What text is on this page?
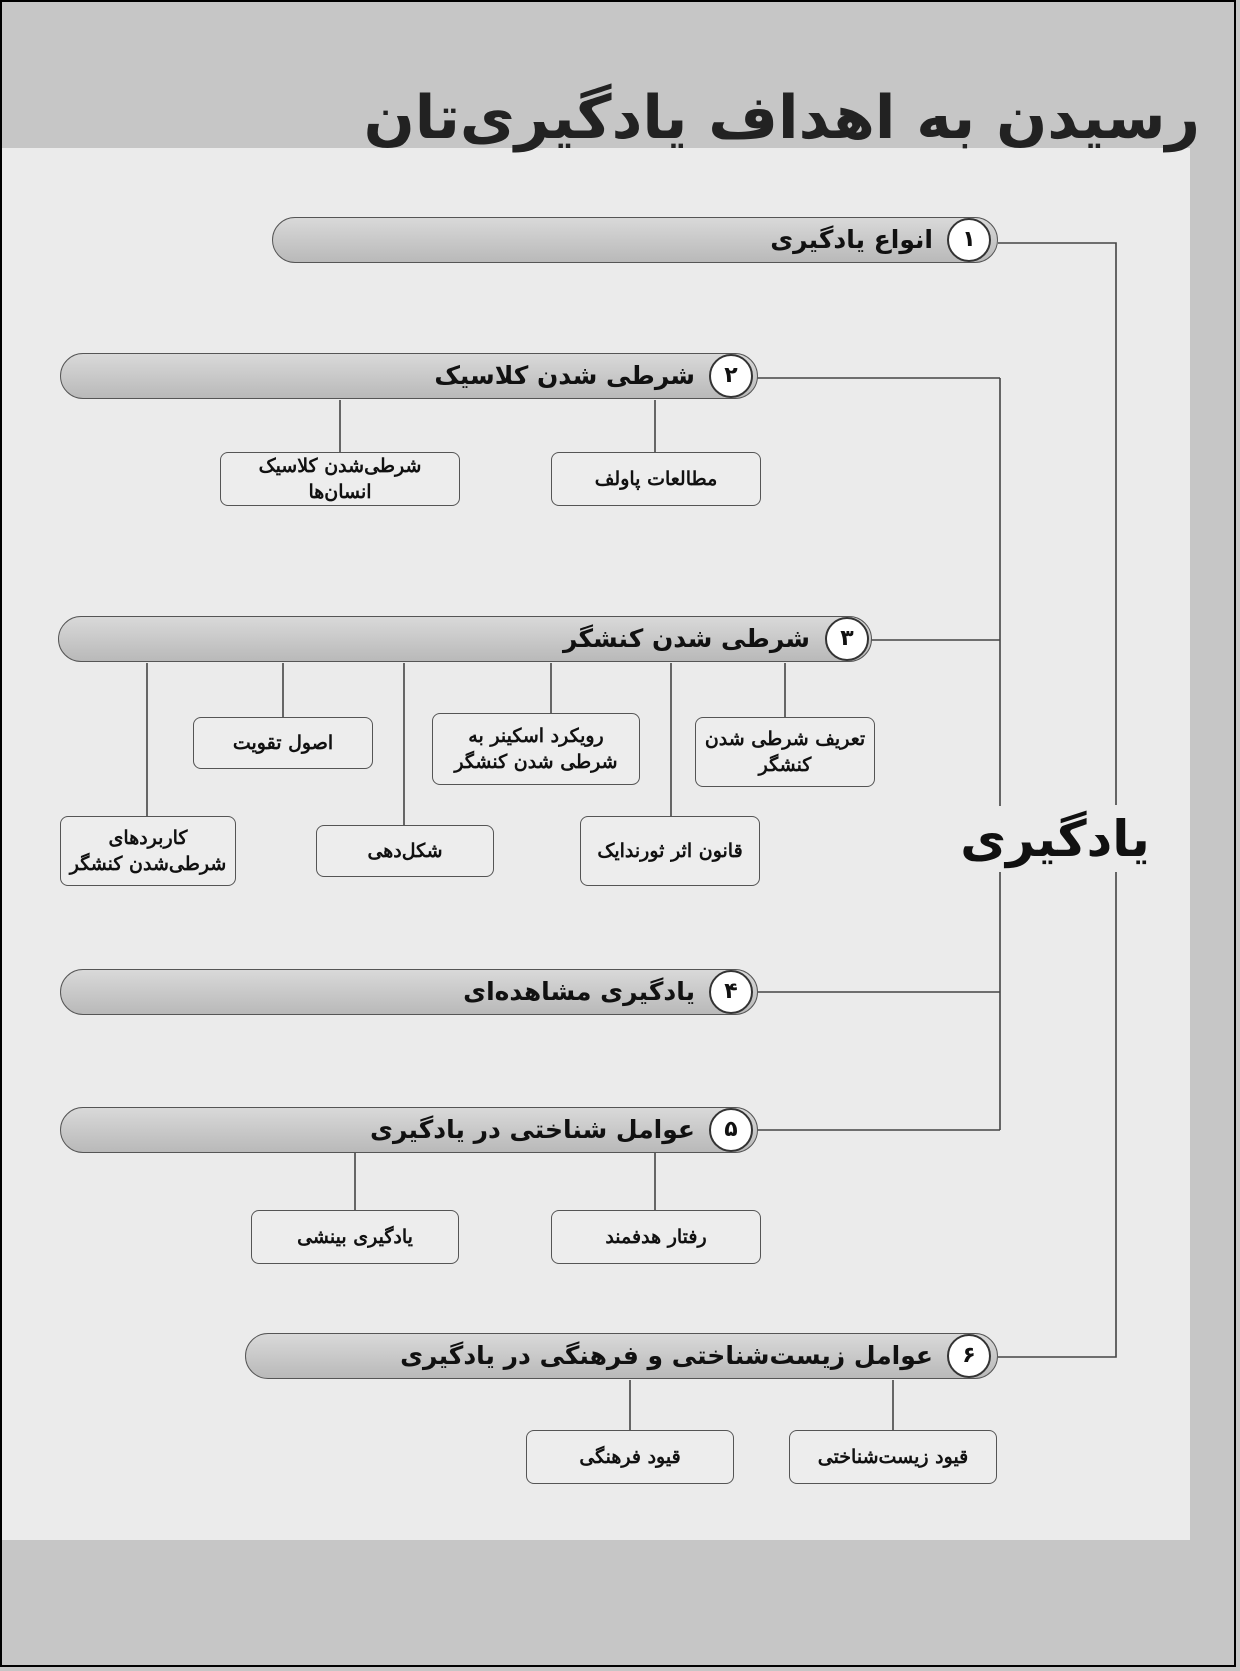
رسیدن به اهداف یادگیری‌تان
یادگیری
۱
انواع یادگیری
۲
شرطی شدن کلاسیک
مطالعات پاولف
شرطی‌شدن کلاسیک انسان‌ها
۳
شرطی شدن کنشگر
تعریف شرطی شدن کنشگر
رویکرد اسکینر به شرطی شدن کنشگر
اصول تقویت
قانون اثر ثورندایک
شکل‌دهی
کاربردهای شرطی‌شدن کنشگر
۴
یادگیری مشاهده‌ای
۵
عوامل شناختی در یادگیری
رفتار هدفمند
یادگیری بینشی
۶
عوامل زیست‌شناختی و فرهنگی در یادگیری
قیود زیست‌شناختی
قیود فرهنگی
